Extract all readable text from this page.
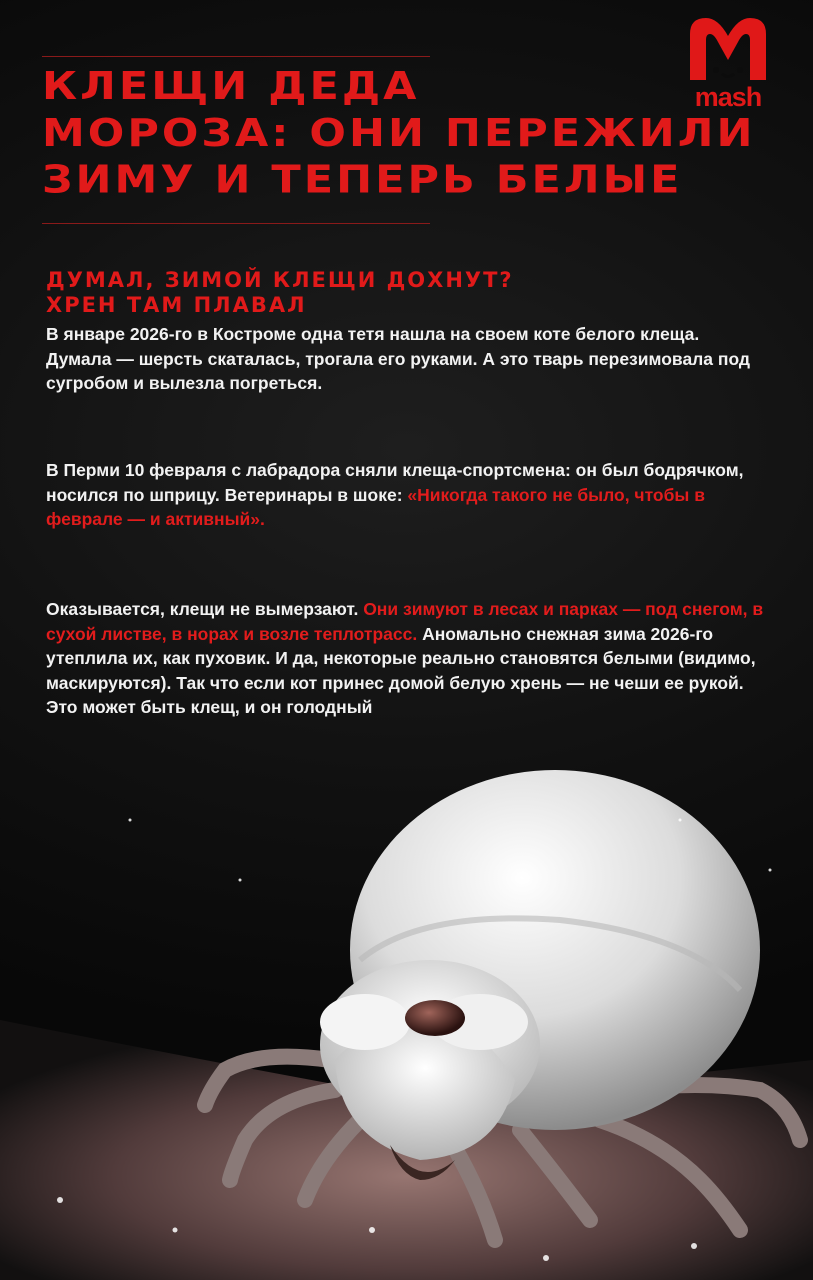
КЛЕЩИ ДЕДА
МОРОЗА: ОНИ ПЕРЕЖИЛИ
ЗИМУ И ТЕПЕРЬ БЕЛЫЕ
mash
ДУМАЛ, ЗИМОЙ КЛЕЩИ ДОХНУТ?
ХРЕН ТАМ ПЛАВАЛ

В январе 2026-го в Костроме одна тетя нашла на своем коте белого клеща. Думала — шерсть скаталась, трогала его руками. А это тварь перезимовала под сугробом и вылезла погреться.

В Перми 10 февраля с лабрадора сняли клеща-спортсмена: он был бодрячком, носился по шприцу. Ветеринары в шоке: «Никогда такого не было, чтобы в феврале — и активный».

Оказывается, клещи не вымерзают. Они зимуют в лесах и парках — под снегом, в сухой листве, в норах и возле теплотрасс. Аномально снежная зима 2026-го утеплила их, как пуховик. И да, некоторые реально становятся белыми (видимо, маскируются). Так что если кот принес домой белую хрень — не чеши ее рукой. Это может быть клещ, и он голодный
